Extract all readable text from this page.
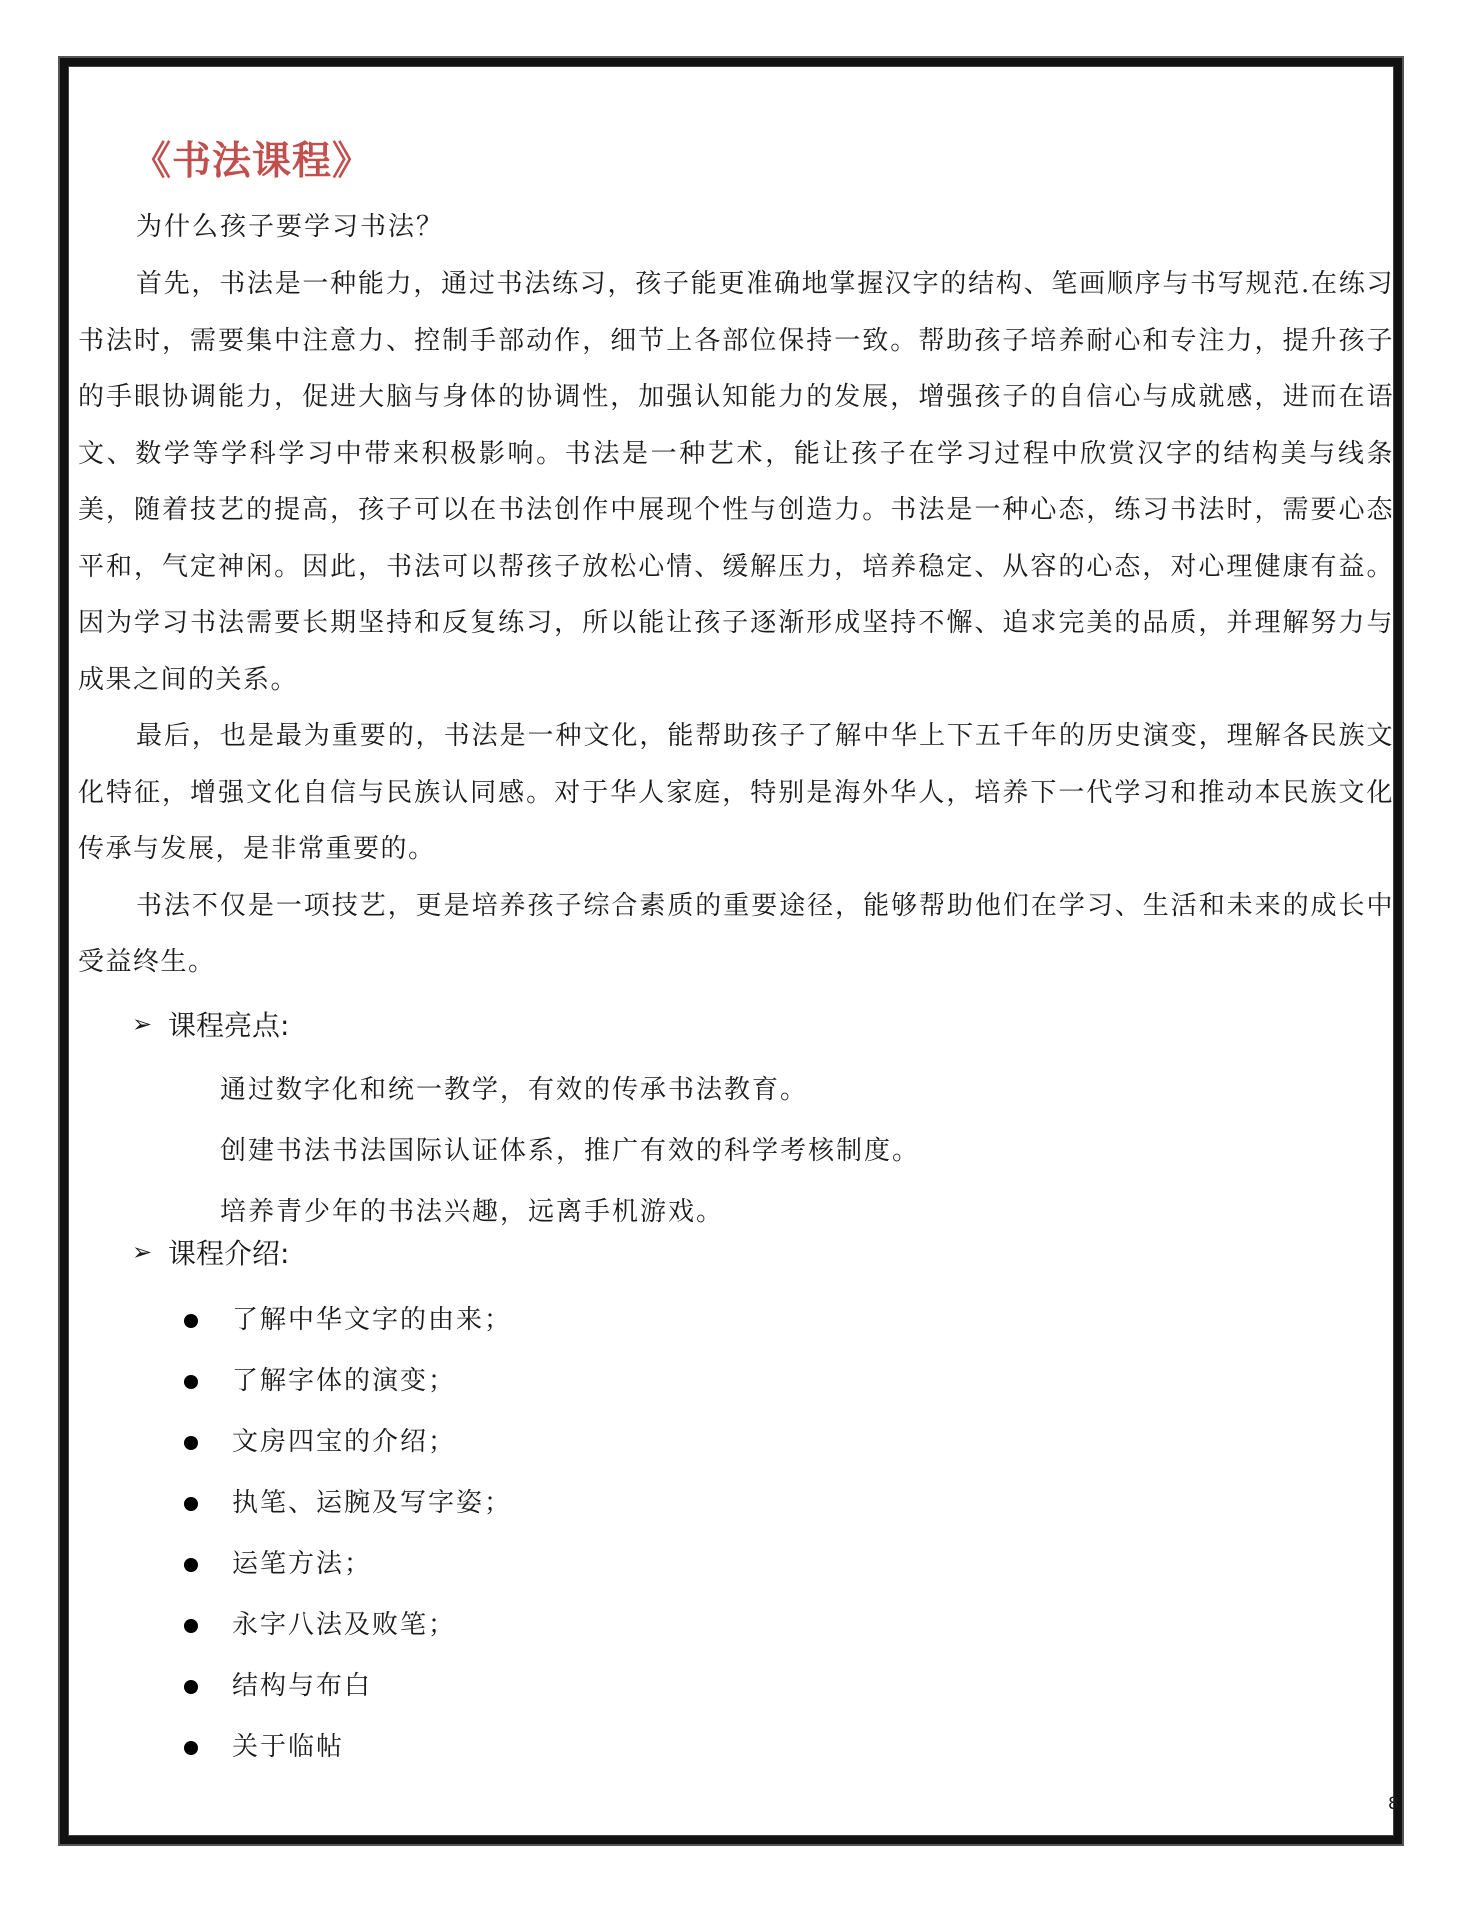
《书法课程》
为什么孩子要学习书法？

首先，书法是一种能力，通过书法练习，孩子能更准确地掌握汉字的结构、笔画顺序与书写规范.在练习书法时，需要集中注意力、控制手部动作，细节上各部位保持一致。帮助孩子培养耐心和专注力，提升孩子的手眼协调能力，促进大脑与身体的协调性，加强认知能力的发展，增强孩子的自信心与成就感，进而在语文、数学等学科学习中带来积极影响。书法是一种艺术，能让孩子在学习过程中欣赏汉字的结构美与线条美，随着技艺的提高，孩子可以在书法创作中展现个性与创造力。书法是一种心态，练习书法时，需要心态平和，气定神闲。因此，书法可以帮孩子放松心情、缓解压力，培养稳定、从容的心态，对心理健康有益。因为学习书法需要长期坚持和反复练习，所以能让孩子逐渐形成坚持不懈、追求完美的品质，并理解努力与成果之间的关系。

最后，也是最为重要的，书法是一种文化，能帮助孩子了解中华上下五千年的历史演变，理解各民族文化特征，增强文化自信与民族认同感。对于华人家庭，特别是海外华人，培养下一代学习和推动本民族文化传承与发展，是非常重要的。

书法不仅是一项技艺，更是培养孩子综合素质的重要途径，能够帮助他们在学习、生活和未来的成长中受益终生。

➢ 课程亮点:
通过数字化和统一教学，有效的传承书法教育。
创建书法书法国际认证体系，推广有效的科学考核制度。
培养青少年的书法兴趣，远离手机游戏。
➢ 课程介绍:
了解中华文字的由来；
了解字体的演变；
文房四宝的介绍；
执笔、运腕及写字姿；
运笔方法；
永字八法及败笔；
结构与布白
关于临帖
8
